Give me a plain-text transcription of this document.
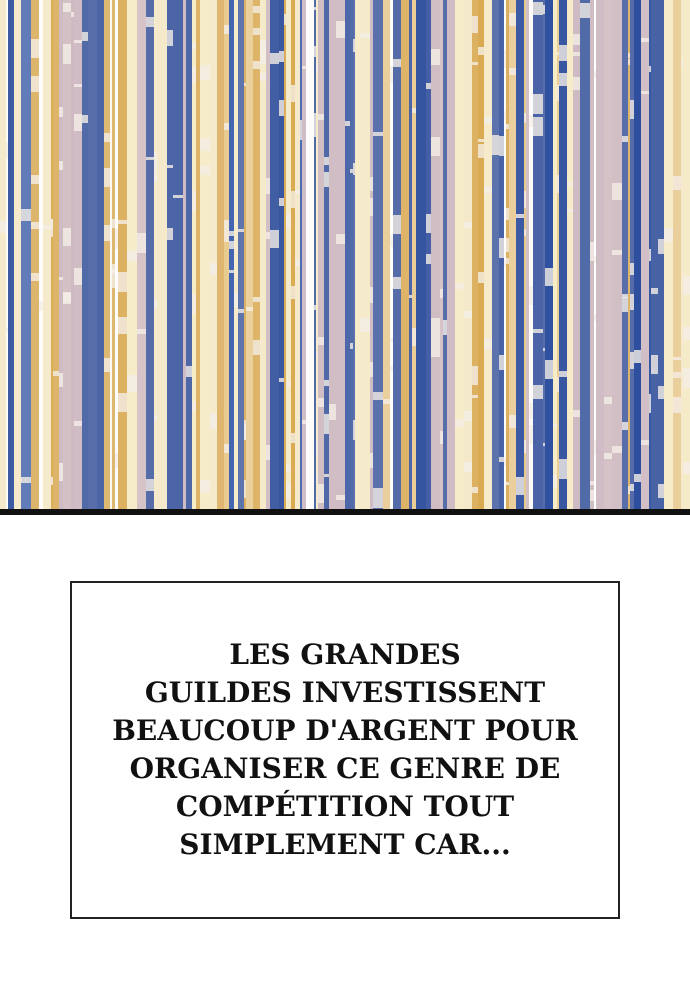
LES GRANDES
GUILDES INVESTISSENT
BEAUCOUP D'ARGENT POUR
ORGANISER CE GENRE DE
COMPÉTITION TOUT
SIMPLEMENT CAR...
